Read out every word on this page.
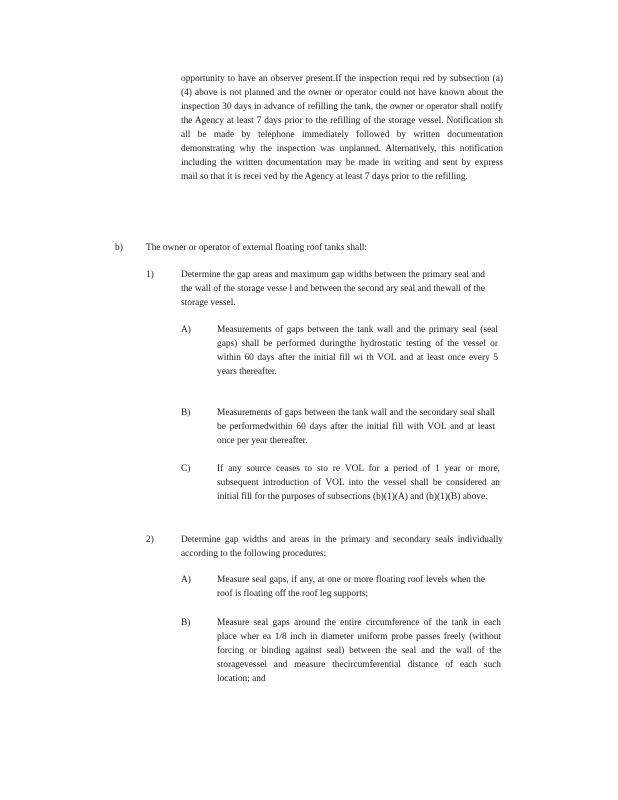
opportunity to have an observer present.If the inspection requi red by subsection (a)(4) above is not planned and the owner or operator could not have known about the inspection 30 days in advance of refilling the tank, the owner or operator shall notify the Agency at least 7 days prior to the refilling of the storage vessel. Notification sh all be made by telephone immediately followed by written documentation demonstrating why the inspection was unplanned. Alternatively, this notification including the written documentation may be made in writing and sent by express mail so that it is recei ved by the Agency at least 7 days prior to the refilling.
b) The owner or operator of external floating roof tanks shall:
1)	Determine the gap areas and maximum gap widths between the primary seal and the wall of the storage vesse l and between the second ary seal and thewall of the storage vessel.
A)	Measurements of gaps between the tank wall and the primary seal (seal gaps) shall be performed duringthe hydrostatic testing of the vessel or within 60 days after the initial fill wi th VOL and at least once every 5 years thereafter.
B)	Measurements of gaps between the tank wall and the secondary seal shall be performedwithin 60 days after the initial fill with VOL and at least once per year thereafter.
C)	If any source ceases to sto re VOL for a period of 1 year or more, subsequent introduction of VOL into the vessel shall be considered an initial fill for the purposes of subsections (b)(1)(A) and (b)(1)(B) above.
2)	Determine gap widths and areas in the primary and secondary seals individually according to the following procedures:
A)	Measure seal gaps, if any, at one or more floating roof levels when the roof is floating off the roof leg supports;
B)	Measure seal gaps around the entire circumference of the tank in each place wher ea 1/8 inch in diameter uniform probe passes freely (without forcing or binding against seal) between the seal and the wall of the storagevessel and measure thecircumferential distance of each such location; and
